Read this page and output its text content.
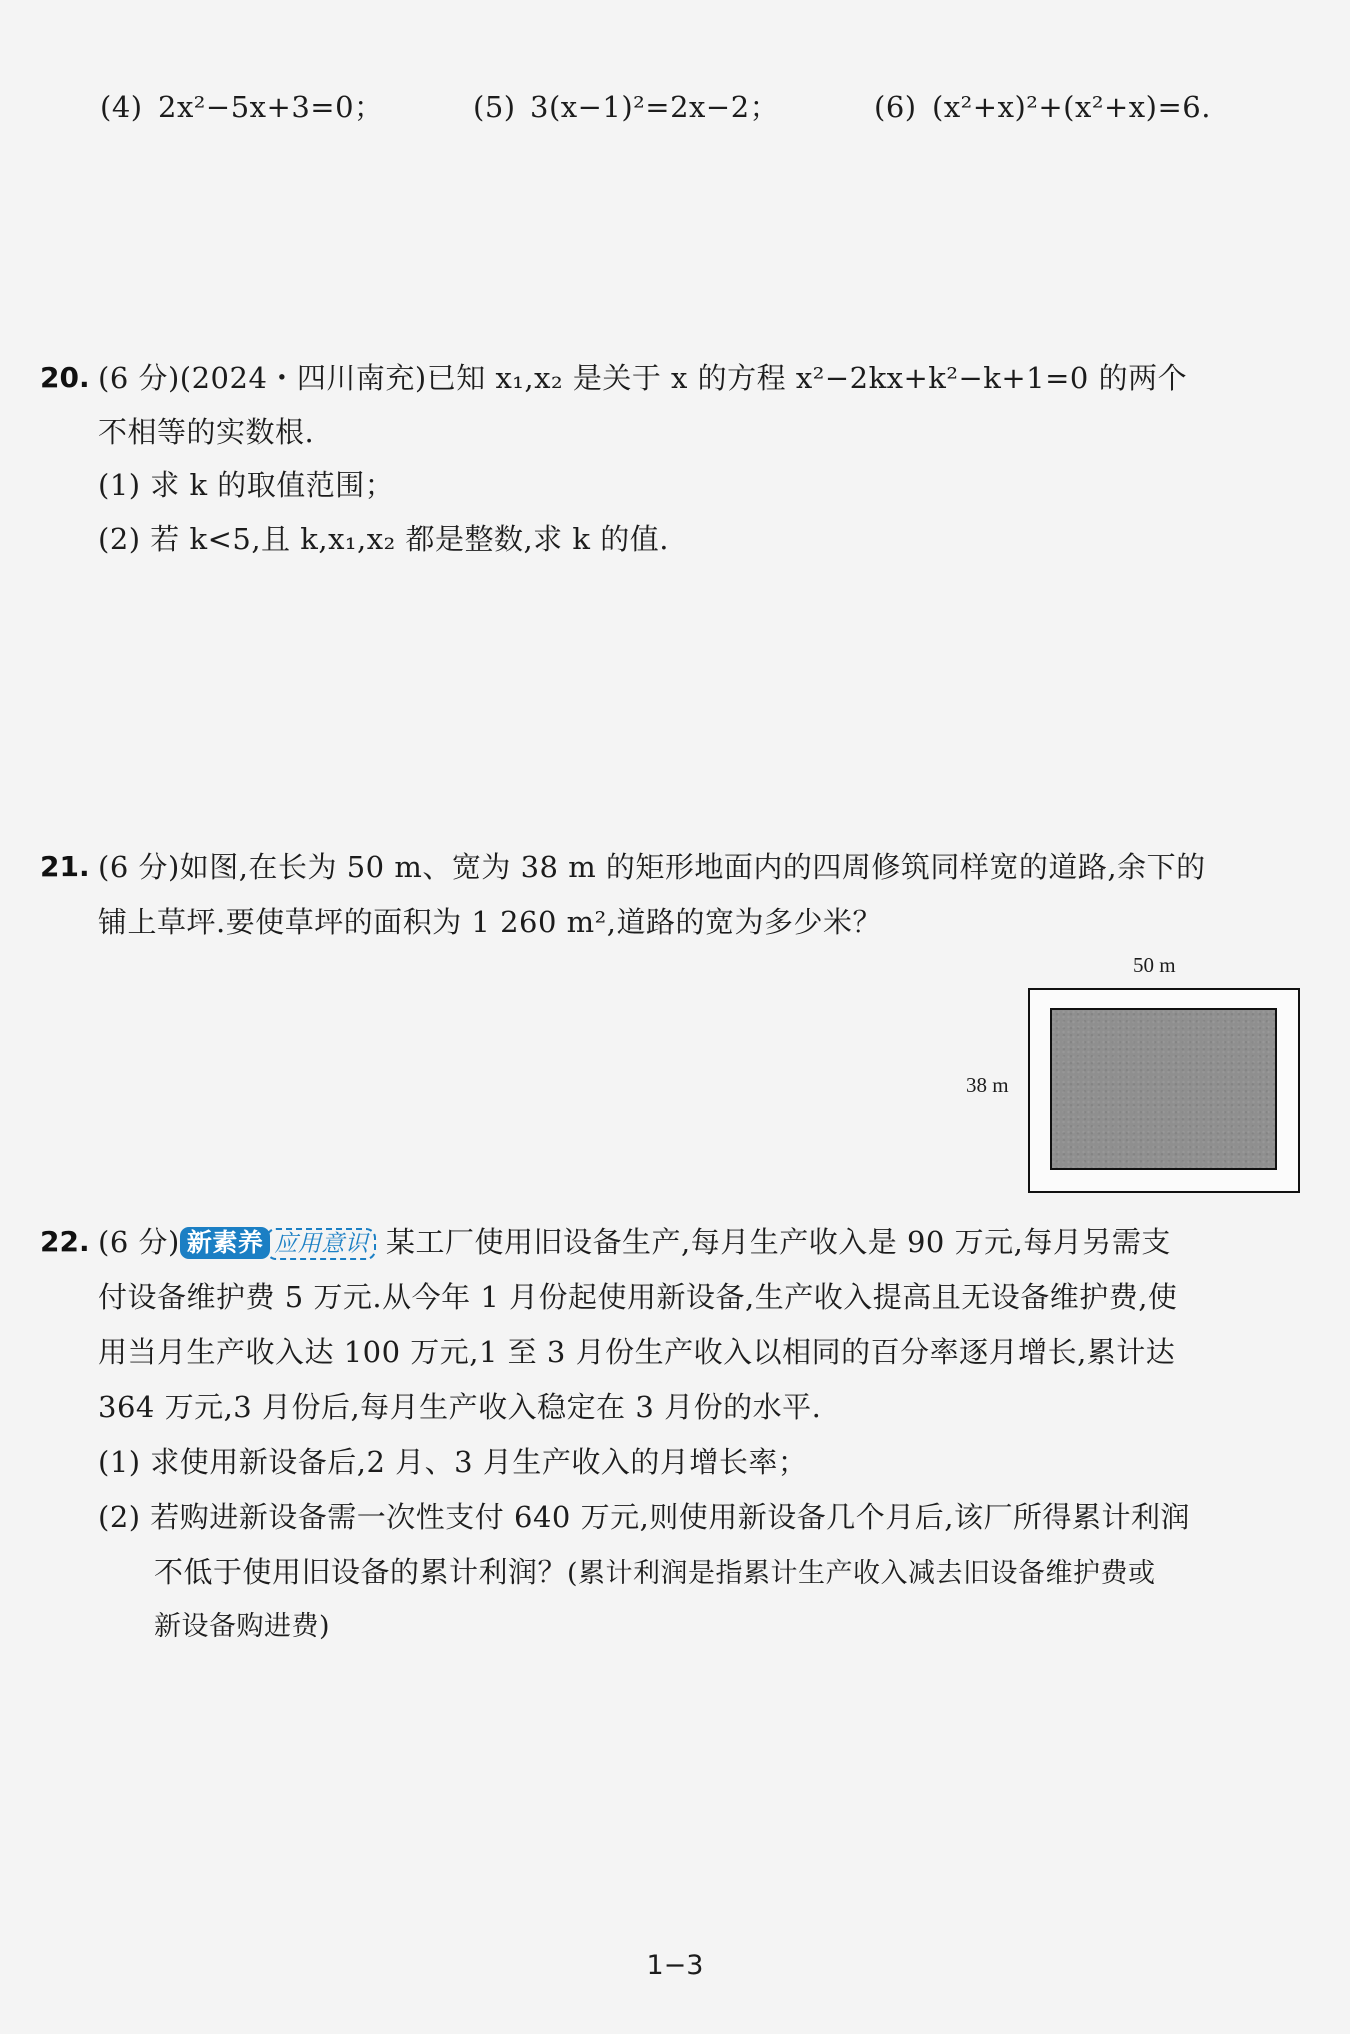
(4) 2x²−5x+3=0；	(5) 3(x−1)²=2x−2；	(6) (x²+x)²+(x²+x)=6.
20. (6 分)(2024・四川南充)已知 x₁,x₂ 是关于 x 的方程 x²−2kx+k²−k+1=0 的两个
不相等的实数根.
(1) 求 k 的取值范围；
(2) 若 k<5,且 k,x₁,x₂ 都是整数,求 k 的值.
21. (6 分)如图,在长为 50 m、宽为 38 m 的矩形地面内的四周修筑同样宽的道路,余下的
铺上草坪.要使草坪的面积为 1 260 m²,道路的宽为多少米？
50 m
38 m
22. (6 分) 新素养 应用意识 某工厂使用旧设备生产,每月生产收入是 90 万元,每月另需支
付设备维护费 5 万元.从今年 1 月份起使用新设备,生产收入提高且无设备维护费,使
用当月生产收入达 100 万元,1 至 3 月份生产收入以相同的百分率逐月增长,累计达
364 万元,3 月份后,每月生产收入稳定在 3 月份的水平.
(1) 求使用新设备后,2 月、3 月生产收入的月增长率；
(2) 若购进新设备需一次性支付 640 万元,则使用新设备几个月后,该厂所得累计利润
不低于使用旧设备的累计利润？(累计利润是指累计生产收入减去旧设备维护费或
新设备购进费)
1−3
